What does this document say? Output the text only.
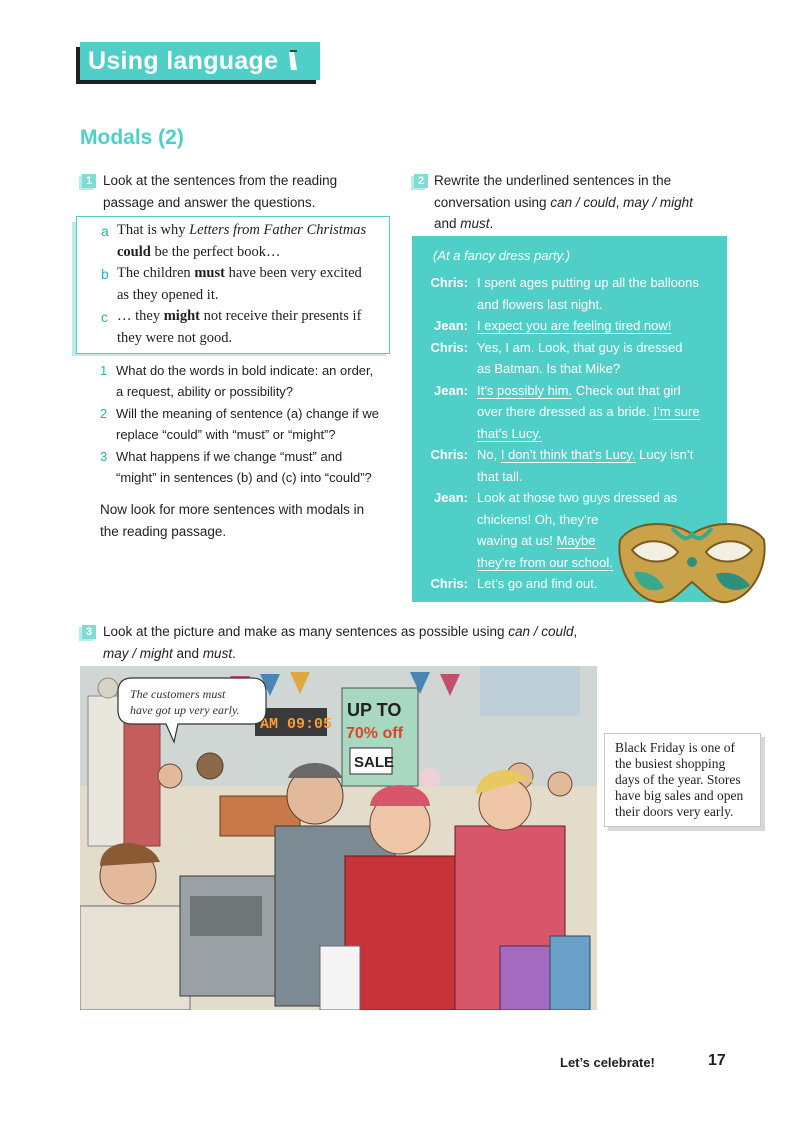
Using language
Modals (2)
1 Look at the sentences from the reading
passage and answer the questions.
a That is why Letters from Father Christmas
could be the perfect book…
b The children must have been very excited
as they opened it.
c … they might not receive their presents if
they were not good.
1 What do the words in bold indicate: an order,
a request, ability or possibility?
2 Will the meaning of sentence (a) change if we
replace “could” with “must” or “might”?
3 What happens if we change “must” and
“might” in sentences (b) and (c) into “could”?
Now look for more sentences with modals in
the reading passage.
2 Rewrite the underlined sentences in the
conversation using can / could, may / might
and must.
(At a fancy dress party.)
Chris: I spent ages putting up all the balloons
and flowers last night.
Jean: I expect you are feeling tired now!
Chris: Yes, I am. Look, that guy is dressed
as Batman. Is that Mike?
Jean: It’s possibly him. Check out that girl
over there dressed as a bride. I’m sure
that’s Lucy.
Chris: No, I don’t think that’s Lucy. Lucy isn’t
that tall.
Jean: Look at those two guys dressed as
chickens! Oh, they’re
waving at us! Maybe
they’re from our school.
Chris: Let’s go and find out.
3 Look at the picture and make as many sentences as possible using can / could,
may / might and must.
AM 09:05
UP TO
70% off
SALE
The customers must
have got up very early.
Black Friday is one of
the busiest shopping
days of the year. Stores
have big sales and open
their doors very early.
Let’s celebrate!	17
